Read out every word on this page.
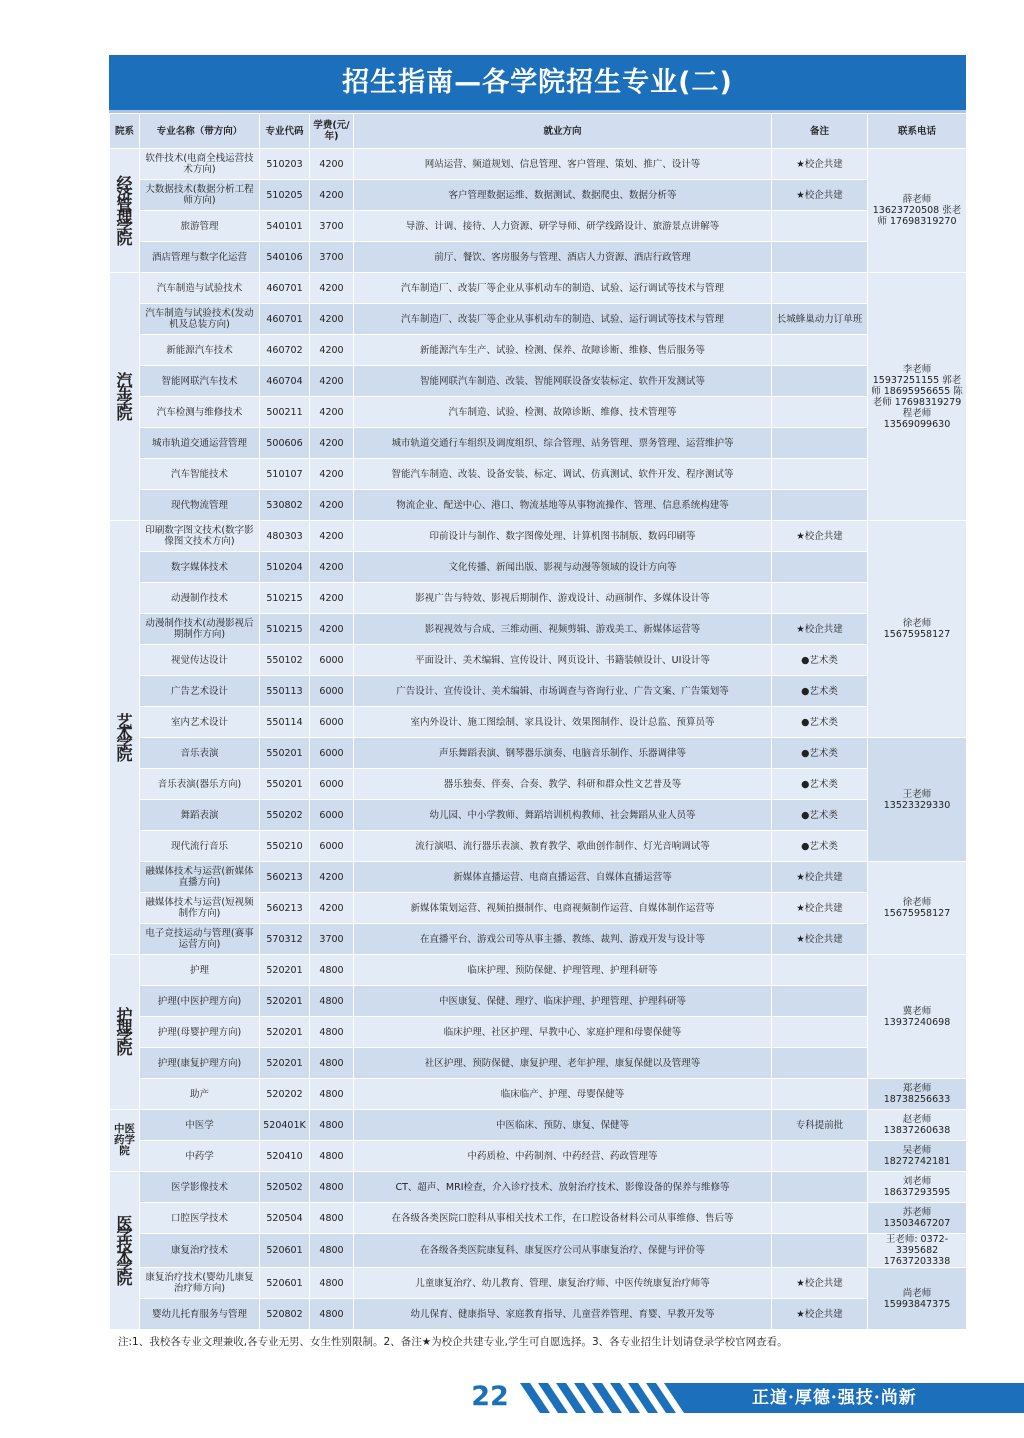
招生指南—各学院招生专业(二)
院系	专业名称（带方向）	专业代码	学费(元/年)	就业方向	备注	联系电话
经济管理学院	软件技术(电商全栈运营技术方向)	510203	4200	网站运营、频道规划、信息管理、客户管理、策划、推广、设计等	★校企共建	薛老师 13623720508 张老师 17698319270
	大数据技术(数据分析工程师方向)	510205	4200	客户管理数据运维、数据测试、数据爬虫、数据分析等	★校企共建	
	旅游管理	540101	3700	导游、计调、接待、人力资源、研学导师、研学线路设计、旅游景点讲解等		
	酒店管理与数字化运营	540106	3700	前厅、餐饮、客房服务与管理、酒店人力资源、酒店行政管理		
汽车学院	汽车制造与试验技术	460701	4200	汽车制造厂、改装厂等企业从事机动车的制造、试验、运行调试等技术与管理		李老师 15937251155 郭老师 18695956655 陈老师 17698319279 程老师 13569099630
	汽车制造与试验技术(发动机及总装方向)	460701	4200	汽车制造厂、改装厂等企业从事机动车的制造、试验、运行调试等技术与管理	长城蜂巢动力订单班	
	新能源汽车技术	460702	4200	新能源汽车生产、试验、检测、保养、故障诊断、维修、售后服务等		
	智能网联汽车技术	460704	4200	智能网联汽车制造、改装、智能网联设备安装标定、软件开发测试等		
	汽车检测与维修技术	500211	4200	汽车制造、试验、检测、故障诊断、维修、技术管理等		
	城市轨道交通运营管理	500606	4200	城市轨道交通行车组织及调度组织、综合管理、站务管理、票务管理、运营维护等		
	汽车智能技术	510107	4200	智能汽车制造、改装、设备安装、标定、调试、仿真测试、软件开发、程序测试等		
	现代物流管理	530802	4200	物流企业、配送中心、港口、物流基地等从事物流操作、管理、信息系统构建等		
艺术学院	印刷数字图文技术(数字影像图文技术方向)	480303	4200	印前设计与制作、数字图像处理、计算机图书制版、数码印刷等	★校企共建	徐老师 15675958127
	数字媒体技术	510204	4200	文化传播、新闻出版、影视与动漫等领域的设计方向等		
	动漫制作技术	510215	4200	影视广告与特效、影视后期制作、游戏设计、动画制作、多媒体设计等		
	动漫制作技术(动漫影视后期制作方向)	510215	4200	影视视效与合成、三维动画、视频剪辑、游戏美工、新媒体运营等	★校企共建	
	视觉传达设计	550102	6000	平面设计、美术编辑、宣传设计、网页设计、书籍装帧设计、UI设计等	●艺术类	
	广告艺术设计	550113	6000	广告设计、宣传设计、美术编辑、市场调查与咨询行业、广告文案、广告策划等	●艺术类	
	室内艺术设计	550114	6000	室内外设计、施工图绘制、家具设计、效果图制作、设计总监、预算员等	●艺术类	
	音乐表演	550201	6000	声乐舞蹈表演、钢琴器乐演奏、电脑音乐制作、乐器调律等	●艺术类	王老师 13523329330
	音乐表演(器乐方向)	550201	6000	器乐独奏、伴奏、合奏、教学、科研和群众性文艺普及等	●艺术类	
	舞蹈表演	550202	6000	幼儿园、中小学教师、舞蹈培训机构教师、社会舞蹈从业人员等	●艺术类	
	现代流行音乐	550210	6000	流行演唱、流行器乐表演、教育教学、歌曲创作制作、灯光音响调试等	●艺术类	
	融媒体技术与运营(新媒体直播方向)	560213	4200	新媒体直播运营、电商直播运营、自媒体直播运营等	★校企共建	徐老师 15675958127
	融媒体技术与运营(短视频制作方向)	560213	4200	新媒体策划运营、视频拍摄制作、电商视频制作运营、自媒体制作运营等	★校企共建	
	电子竞技运动与管理(赛事运营方向)	570312	3700	在直播平台、游戏公司等从事主播、教练、裁判、游戏开发与设计等	★校企共建	
护理学院	护理	520201	4800	临床护理、预防保健、护理管理、护理科研等		冀老师 13937240698
	护理(中医护理方向)	520201	4800	中医康复、保健、理疗、临床护理、护理管理、护理科研等		
	护理(母婴护理方向)	520201	4800	临床护理、社区护理、早教中心、家庭护理和母婴保健等		
	护理(康复护理方向)	520201	4800	社区护理、预防保健、康复护理、老年护理、康复保健以及管理等		
	助产	520202	4800	临床临产、护理、母婴保健等		郑老师 18738256633
中医药学院	中医学	520401K	4800	中医临床、预防、康复、保健等	专科提前批	赵老师 13837260638
	中药学	520410	4800	中药质检、中药制剂、中药经营、药政管理等		吴老师 18272742181
医学技术学院	医学影像技术	520502	4800	CT、超声、MRI检查，介入诊疗技术、放射治疗技术、影像设备的保养与维修等		刘老师 18637293595
	口腔医学技术	520504	4800	在各级各类医院口腔科从事相关技术工作，在口腔设备材料公司从事维修、售后等		苏老师 13503467207
	康复治疗技术	520601	4800	在各级各类医院康复科、康复医疗公司从事康复治疗、保健与评价等		王老师: 0372-3395682 17637203338
	康复治疗技术(婴幼儿康复治疗师方向)	520601	4800	儿童康复治疗、幼儿教育、管理、康复治疗师、中医传统康复治疗师等	★校企共建	尚老师 15993847375
	婴幼儿托育服务与管理	520802	4800	幼儿保育、健康指导、家庭教育指导、儿童营养管理、育婴、早教开发等	★校企共建	
注:1、我校各专业文理兼收,各专业无男、女生性别限制。2、备注★为校企共建专业,学生可自愿选择。3、各专业招生计划请登录学校官网查看。
22	正道·厚德·强技·尚新
